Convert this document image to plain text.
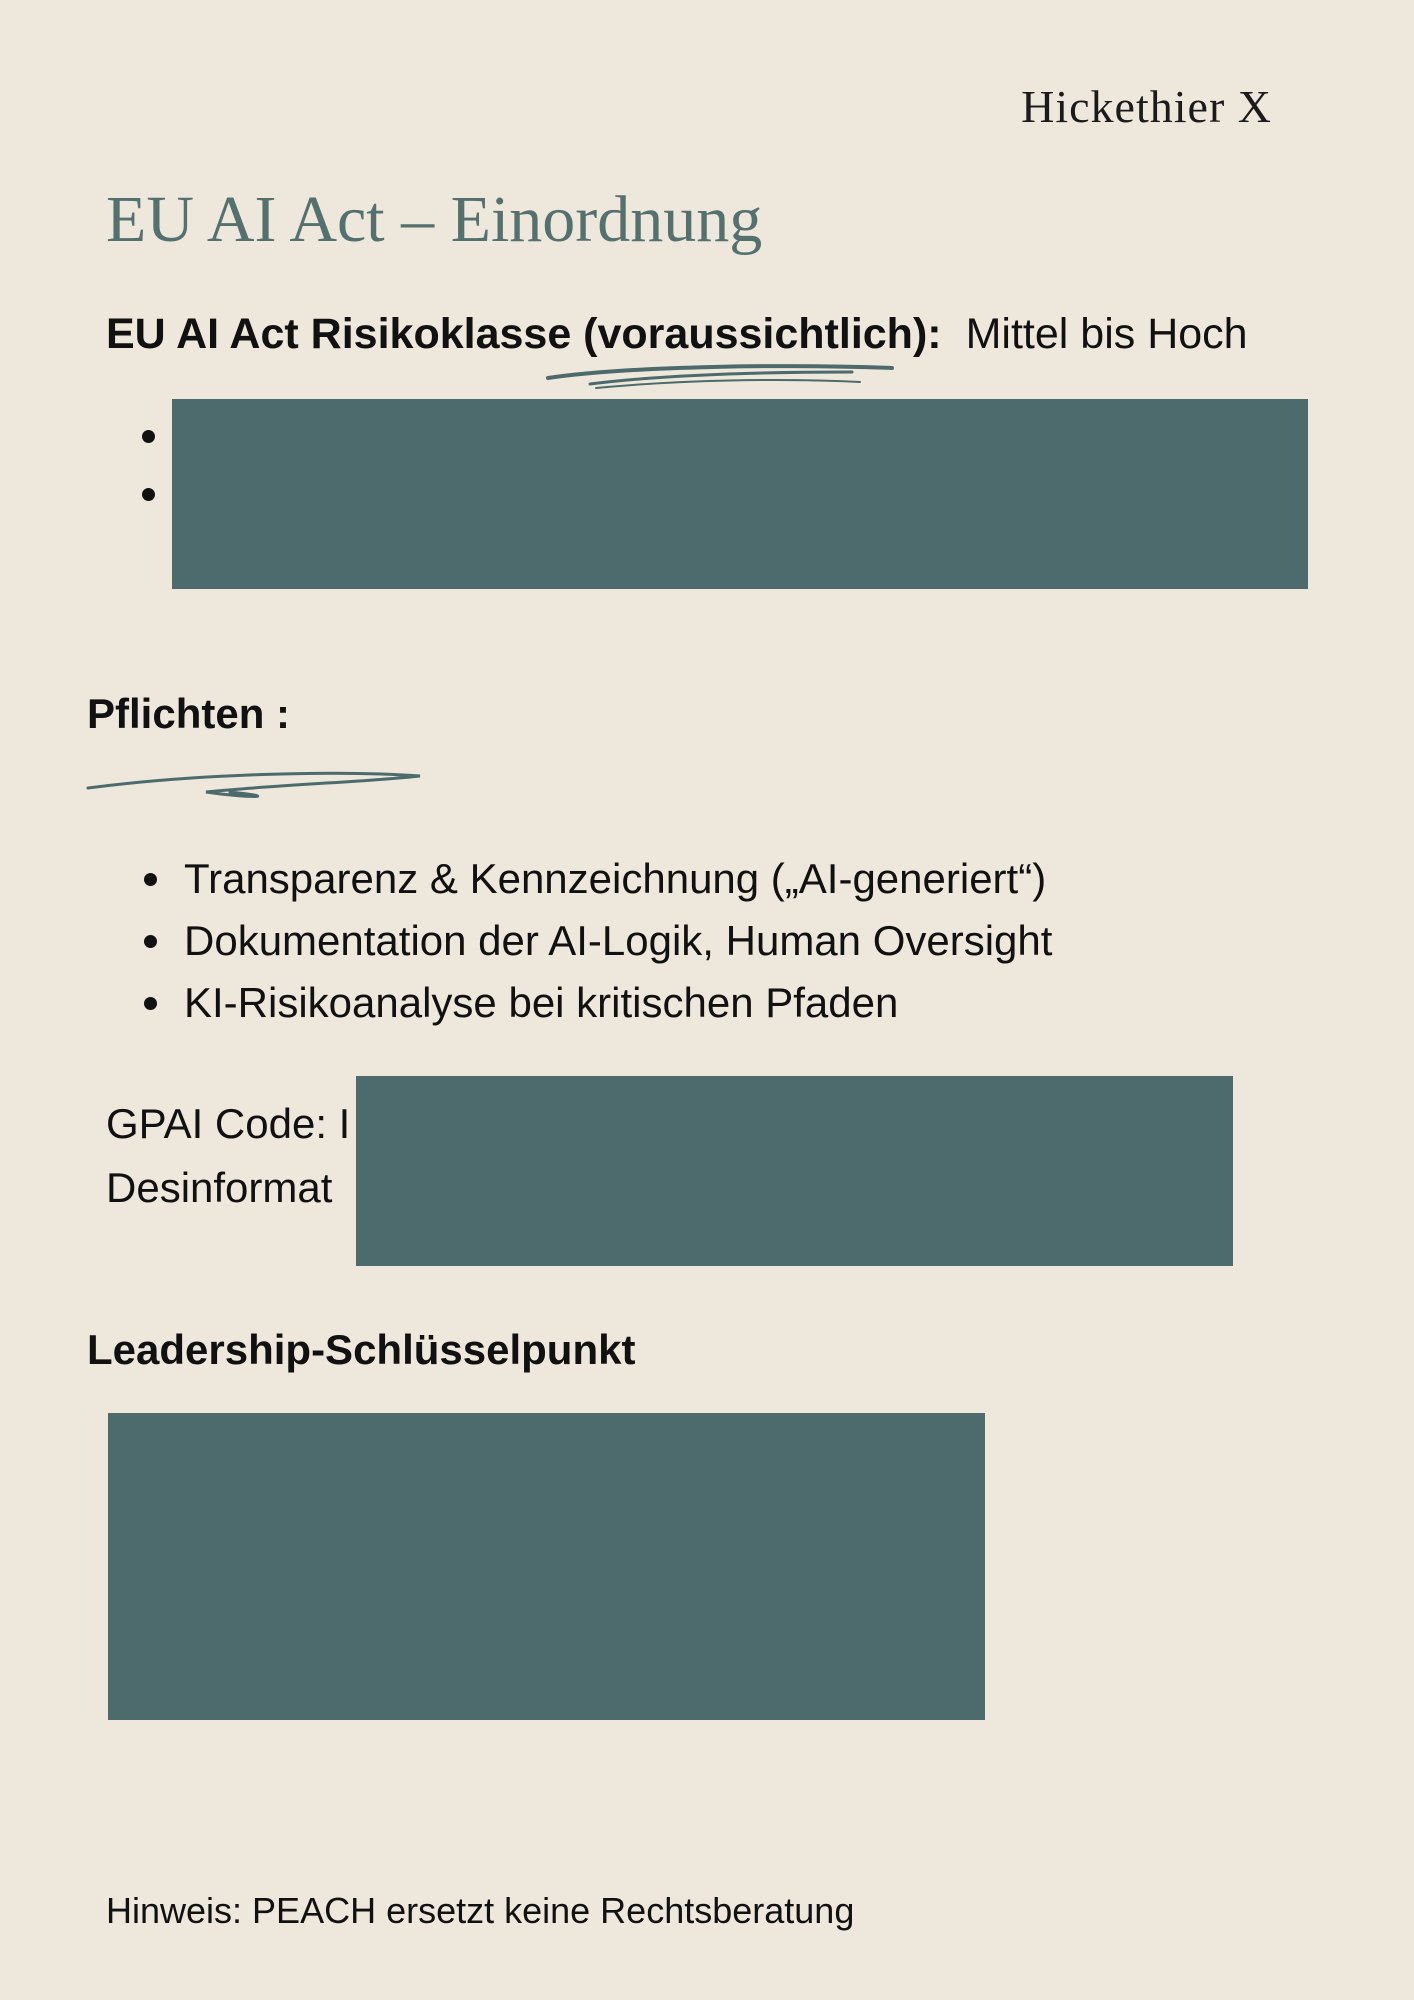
Hickethier X
EU AI Act – Einordnung
EU AI Act Risikoklasse (voraussichtlich): Mittel bis Hoch
Pflichten :
Transparenz & Kennzeichnung („AI-generiert“)
Dokumentation der AI-Logik, Human Oversight
KI-Risikoanalyse bei kritischen Pfaden
GPAI Code: I
Desinformat
Leadership-Schlüsselpunkt
Hinweis: PEACH ersetzt keine Rechtsberatung
